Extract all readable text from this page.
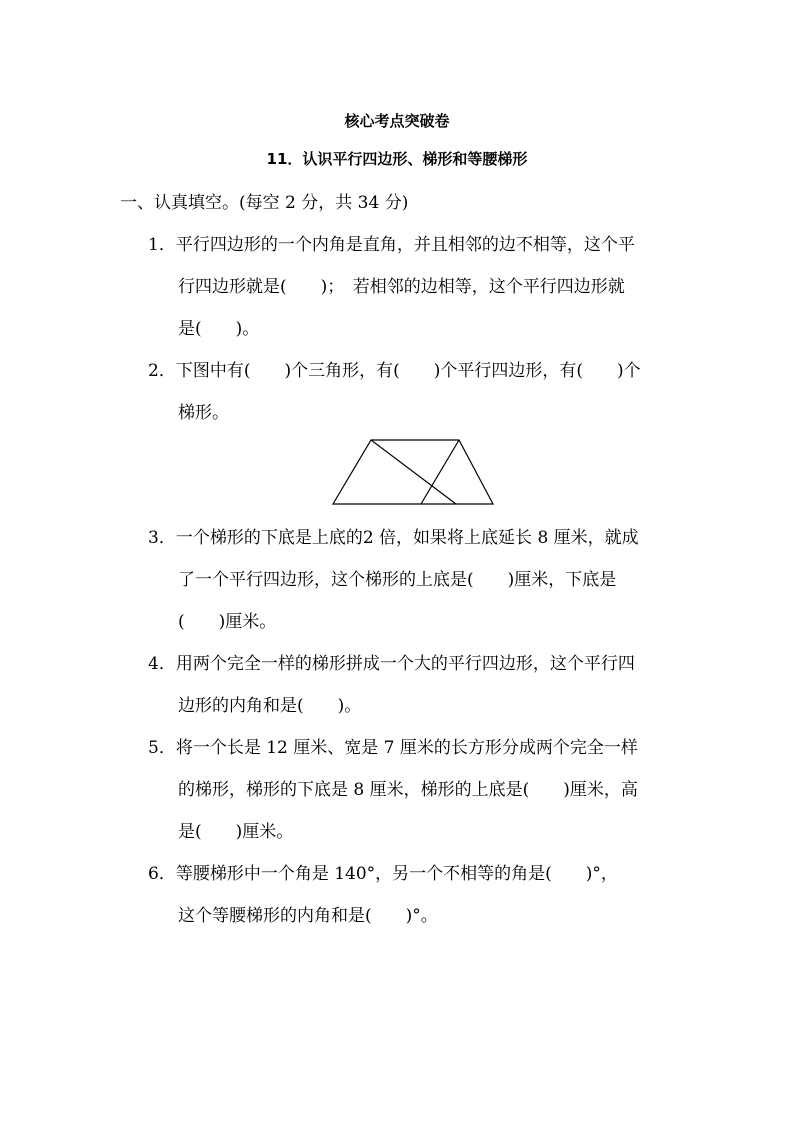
核心考点突破卷
11．认识平行四边形、梯形和等腰梯形
一、认真填空。(每空 2 分，共 34 分)
1．平行四边形的一个内角是直角，并且相邻的边不相等，这个平
行四边形就是(　　)；　若相邻的边相等，这个平行四边形就
是(　　)。
2．下图中有(　　)个三角形，有(　　)个平行四边形，有(　　)个
梯形。
3．一个梯形的下底是上底的2 倍，如果将上底延长 8 厘米，就成
了一个平行四边形，这个梯形的上底是(　　)厘米，下底是
(　　)厘米。
4．用两个完全一样的梯形拼成一个大的平行四边形，这个平行四
边形的内角和是(　　)。
5．将一个长是 12 厘米、宽是 7 厘米的长方形分成两个完全一样
的梯形，梯形的下底是 8 厘米，梯形的上底是(　　)厘米，高
是(　　)厘米。
6．等腰梯形中一个角是 140°，另一个不相等的角是(　　)°，
这个等腰梯形的内角和是(　　)°。
